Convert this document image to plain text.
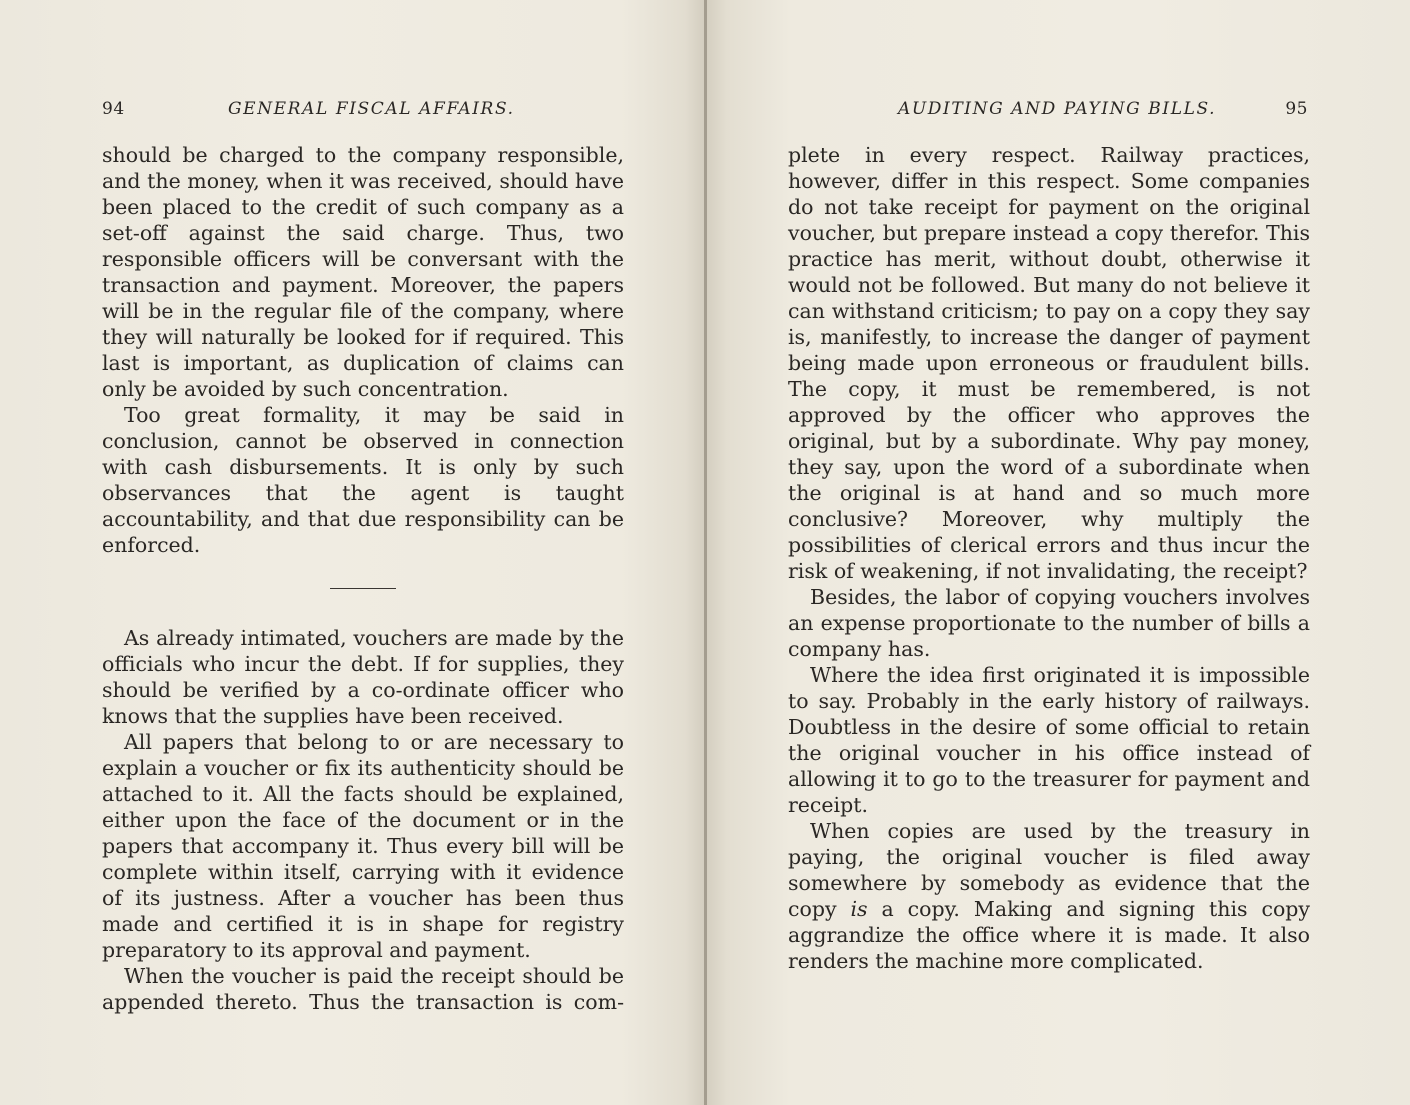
94	GENERAL FISCAL AFFAIRS.

should be charged to the company responsible, and the money, when it was received, should have been placed to the credit of such company as a set-off against the said charge. Thus, two responsible officers will be conversant with the transaction and payment. Moreover, the papers will be in the regular file of the company, where they will naturally be looked for if required. This last is important, as duplication of claims can only be avoided by such concentration.

Too great formality, it may be said in conclusion, cannot be observed in connection with cash disbursements. It is only by such observances that the agent is taught accountability, and that due responsibility can be enforced.

As already intimated, vouchers are made by the officials who incur the debt. If for supplies, they should be verified by a co-ordinate officer who knows that the supplies have been received.

All papers that belong to or are necessary to explain a voucher or fix its authenticity should be attached to it. All the facts should be explained, either upon the face of the document or in the papers that accompany it. Thus every bill will be complete within itself, carrying with it evidence of its justness. After a voucher has been thus made and certified it is in shape for registry preparatory to its approval and payment.

When the voucher is paid the receipt should be appended thereto. Thus the transaction is com-

AUDITING AND PAYING BILLS.	95

plete in every respect. Railway practices, however, differ in this respect. Some companies do not take receipt for payment on the original voucher, but prepare instead a copy therefor. This practice has merit, without doubt, otherwise it would not be followed. But many do not believe it can withstand criticism; to pay on a copy they say is, manifestly, to increase the danger of payment being made upon erroneous or fraudulent bills. The copy, it must be remembered, is not approved by the officer who approves the original, but by a subordinate. Why pay money, they say, upon the word of a subordinate when the original is at hand and so much more conclusive? Moreover, why multiply the possibilities of clerical errors and thus incur the risk of weakening, if not invalidating, the receipt?

Besides, the labor of copying vouchers involves an expense proportionate to the number of bills a company has.

Where the idea first originated it is impossible to say. Probably in the early history of railways. Doubtless in the desire of some official to retain the original voucher in his office instead of allowing it to go to the treasurer for payment and receipt.

When copies are used by the treasury in paying, the original voucher is filed away somewhere by somebody as evidence that the copy is a copy. Making and signing this copy aggrandize the office where it is made. It also renders the machine more complicated.
